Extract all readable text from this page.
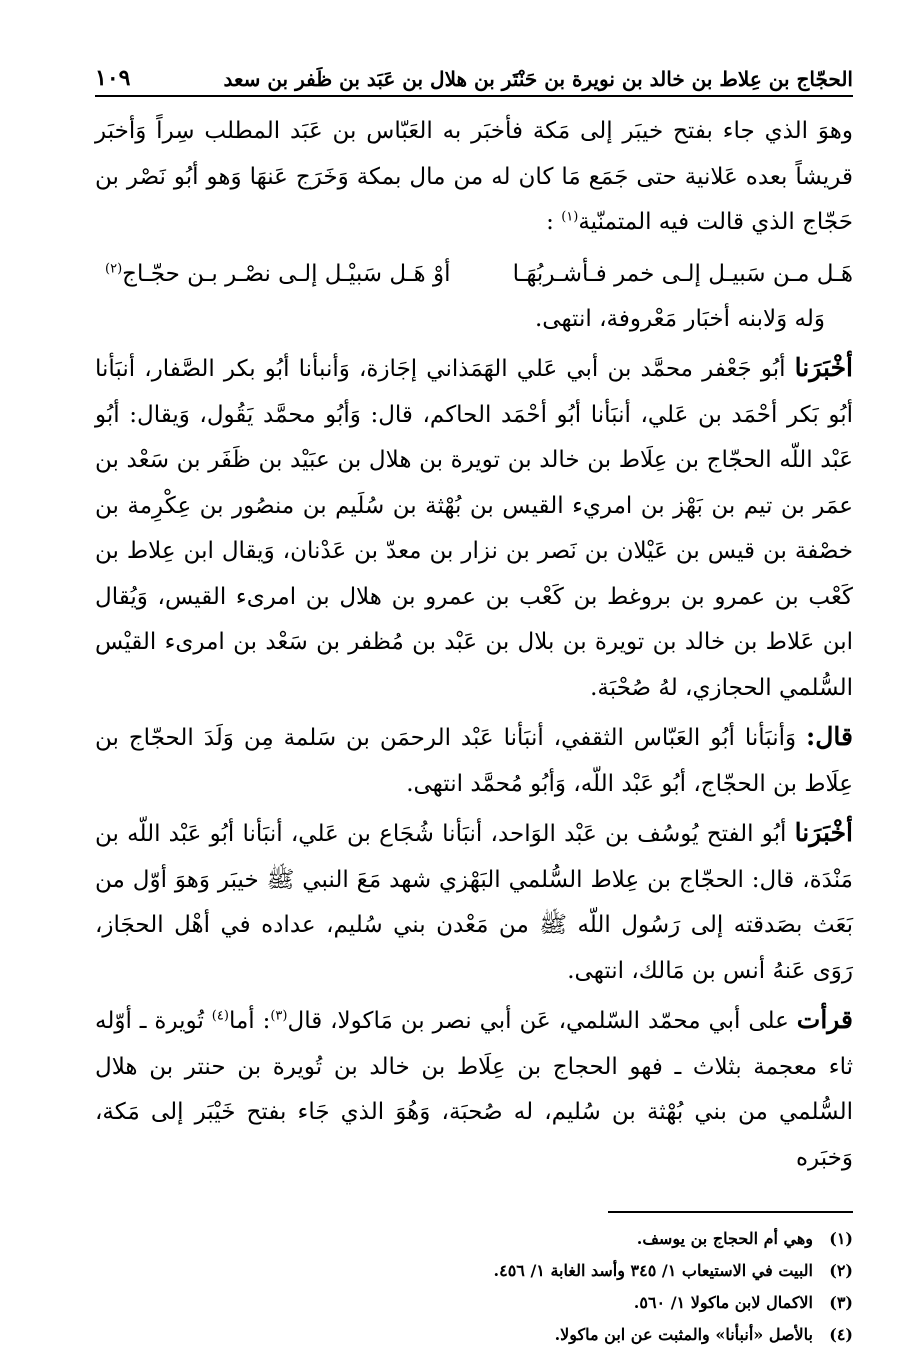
الحجّاج بن عِلاط بن خالد بن نويرة بن حَنْتَر بن هلال بن عَبَد بن ظَفر بن سعد
١٠٩

وهوَ الذي جاء بفتح خيبَر إلى مَكة فأخبَر به العَبّاس بن عَبَد المطلب سِراً وَأخبَر قريشاً بعده عَلانية حتى جَمَع مَا كان له من مال بمكة وَخَرَج عَنهَا وَهو أبُو نَصْر بن حَجّاج الذي قالت فيه المتمنّية$^{(١)}$ :

هَـل مـن سَبيـل إلـى خمر فـأشـربُهَـا
أوْ هَـل سَبيْـل إلـى نصْـر بـن حجّـاج$^{(٢)}$

وَله وَلابنه أخبَار مَعْروفة، انتهى.

أخْبَرَنا أبُو جَعْفر محمَّد بن أبي عَلي الهَمَذاني إجَازة، وَأنبأنا أبُو بكر الصَّفار، أنبَأنا أبُو بَكر أحْمَد بن عَلي، أنبَأنا أبُو أحْمَد الحاكم، قال: وَأبُو محمَّد يَقُول، وَيقال: أبُو عَبْد اللّه الحجّاج بن عِلَاط بن خالد بن تويرة بن هلال بن عبَيْد بن ظَفَر بن سَعْد بن عمَر بن تيم بن بَهْز بن امريء القيس بن بُهْثة بن سُلَيم بن منصُور بن عِكْرِمة بن خصْفة بن قيس بن عَيْلان بن نَصر بن نزار بن معدّ بن عَدْنان، وَيقال ابن عِلاط بن كَعْب بن عمرو بن بروغط بن كَعْب بن عمرو بن هلال بن امرىء القيس، وَيُقال ابن عَلاط بن خالد بن تويرة بن بلال بن عَبْد بن مُظفر بن سَعْد بن امرىء القيْس السُّلمي الحجازي، لهُ صُحْبَة.

قال: وَأنبَأنا أبُو العَبّاس الثقفي، أنبَأنا عَبْد الرحمَن بن سَلمة مِن وَلَدَ الحجّاج بن عِلَاط بن الحجّاج، أبُو عَبْد اللّه، وَأبُو مُحمَّد انتهى.

أخْبَرَنا أبُو الفتح يُوسُف بن عَبْد الوَاحد، أنبَأنا شُجَاع بن عَلي، أنبَأنا أبُو عَبْد اللّه بن مَنْدَة، قال: الحجّاج بن عِلاط السُّلمي البَهْزي شهد مَعَ النبي ﷺ خيبَر وَهوَ أوّل من بَعَث بصَدقته إلى رَسُول اللّه ﷺ من مَعْدن بني سُليم، عداده في أهْل الحجَاز، رَوَى عَنهُ أنس بن مَالك، انتهى.

قرأت على أبي محمّد السّلمي، عَن أبي نصر بن مَاكولا، قال$^{(٣)}$: أما$^{(٤)}$ تُويرة ـ أوّله ثاء معجمة بثلاث ـ فهو الحجاج بن عِلَاط بن خالد بن تُويرة بن حنتر بن هلال السُّلمي من بني بُهْثة بن سُليم، له صُحبَة، وَهُوَ الذي جَاء بفتح خَيْبَر إلى مَكة، وَخبَره

(١)
وهي أم الحجاج بن يوسف.
(٢)
البيت في الاستيعاب ١/ ٣٤٥ وأسد الغابة ١/ ٤٥٦.
(٣)
الاكمال لابن ماكولا ١/ ٥٦٠.
(٤)
بالأصل «أنبأنا» والمثبت عن ابن ماكولا.
